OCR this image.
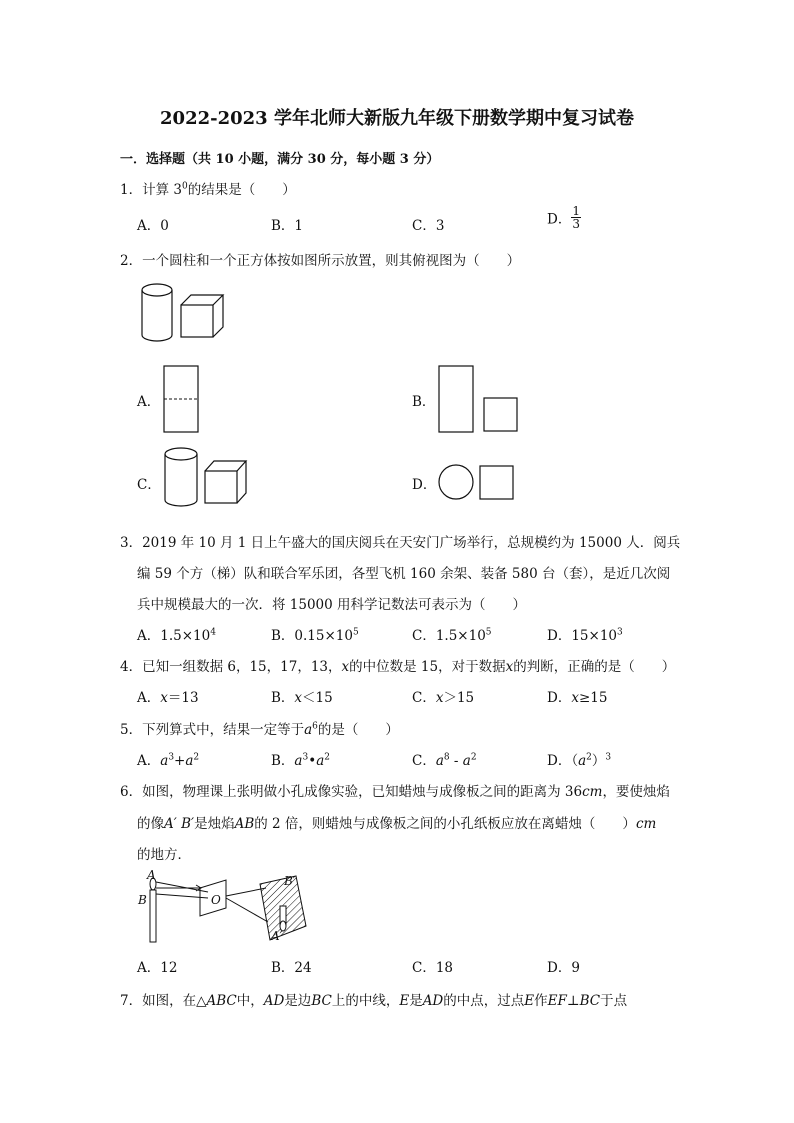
2022-2023 学年北师大新版九年级下册数学期中复习试卷
一．选择题（共 10 小题，满分 30 分，每小题 3 分）
1．计算 $3^0$的结果是（　　）
A．0	B．1	C．3	D． $\frac{1}{3}$
2．一个圆柱和一个正方体按如图所示放置，则其俯视图为（　　）
A．	B．
C．	D．
3．2019 年 10 月 1 日上午盛大的国庆阅兵在天安门广场举行，总规模约为 15000 人．阅兵
编 59 个方（梯）队和联合军乐团，各型飞机 160 余架、装备 580 台（套），是近几次阅
兵中规模最大的一次．将 15000 用科学记数法可表示为（　　）
A．$1.5\times 10^4$	B．$0.15\times 10^5$	C．$1.5\times 10^5$	D．$15\times 10^3$
4．已知一组数据 6，15，17，13，x的中位数是 15，对于数据x的判断，正确的是（　　）
A．x＝13	B．x＜15	C．x＞15	D．x≥15
5．下列算式中，结果一定等于$a^6$的是（　　）
A．$a^3+a^2$	B．$a^3•a^2$	C．$a^8 - a^2$	D．$(a^2)^3$
6．如图，物理课上张明做小孔成像实验，已知蜡烛与成像板之间的距离为 36cm，要使烛焰
的像A′ B′是烛焰AB的 2 倍，则蜡烛与成像板之间的小孔纸板应放在离蜡烛（　　）cm
的地方．
A
B	O
B′
A′
A．12	B．24	C．18	D．9
7．如图，在△ABC中，AD是边BC上的中线，E是AD的中点，过点E作EF⊥BC于点
